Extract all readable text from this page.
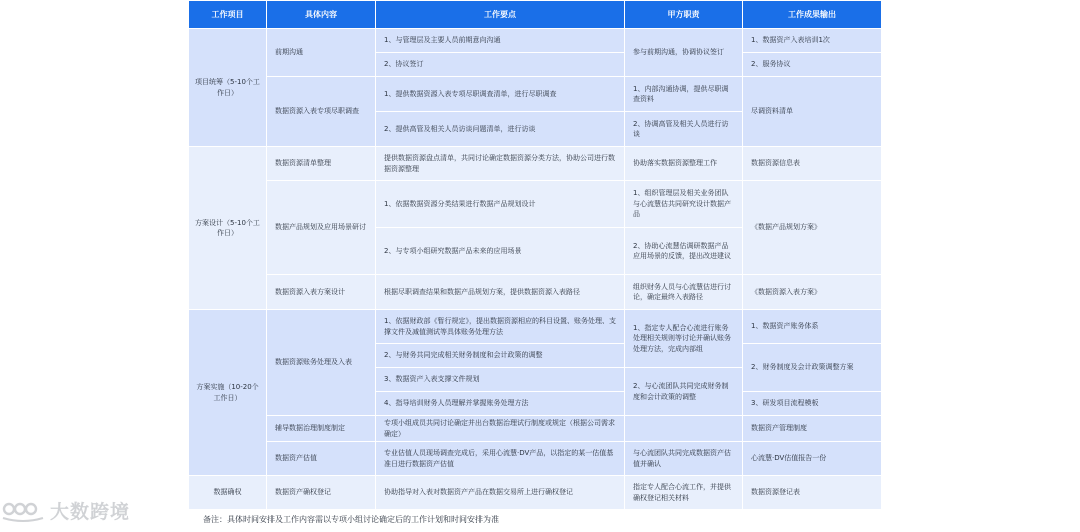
工作项目	具体内容	工作要点	甲方职责	工作成果输出
项目统筹（5-10个工作日）	前期沟通	1、与管理层及主要人员前期意向沟通	参与前期沟通，协调协议签订	1、数据资产入表培训1次
		2、协议签订		2、服务协议
	数据资源入表专项尽职调查	1、提供数据资源入表专项尽职调查清单，进行尽职调查	1、内部沟通协调，提供尽职调查资料	尽调资料清单
		2、提供高管及相关人员访谈问题清单，进行访谈	2、协调高管及相关人员进行访谈	
方案设计（5-10个工作日）	数据资源清单整理	提供数据资源盘点清单，共同讨论确定数据资源分类方法，协助公司进行数据资源整理	协助落实数据资源整理工作	数据资源信息表
	数据产品规划及应用场景研讨	1、依据数据资源分类结果进行数据产品规划设计	1、组织管理层及相关业务团队与心流慧估共同研究设计数据产品	《数据产品规划方案》
		2、与专项小组研究数据产品未来的应用场景	2、协助心流慧估调研数据产品应用场景的反馈，提出改进建议	
	数据资源入表方案设计	根据尽职调查结果和数据产品规划方案，提供数据资源入表路径	组织财务人员与心流慧估进行讨论，确定最终入表路径	《数据资源入表方案》
方案实施（10-20个工作日）	数据资源账务处理及入表	1、依据财政部《暂行规定》，提出数据资源相应的科目设置、账务处理、支撑文件及减值测试等具体账务处理方法	1、指定专人配合心流进行账务处理相关规则等讨论并确认账务处理方法，完成内部组	1、数据资产账务体系
		2、与财务共同完成相关财务制度和会计政策的调整		2、财务制度及会计政策调整方案
		3、数据资产入表支撑文件规划	2、与心流团队共同完成财务制度和会计政策的调整	
		4、指导培训财务人员理解并掌握账务处理方法		3、研发项目流程模板
	辅导数据治理制度制定	专项小组成员共同讨论确定并出台数据治理试行制度或规定（根据公司需求确定）		数据资产管理制度
	数据资产估值	专业估值人员现场调查完成后，采用心流慧·DV产品，以指定的某一估值基准日进行数据资产估值	与心流团队共同完成数据资产估值并确认	心流慧·DV估值报告一份
数据确权	数据资产确权登记	协助指导对入表对数据资产产品在数据交易所上进行确权登记	指定专人配合心流工作，并提供确权登记相关材料	数据资源登记表
备注：具体时间安排及工作内容需以专项小组讨论确定后的工作计划和时间安排为准
大数跨境
